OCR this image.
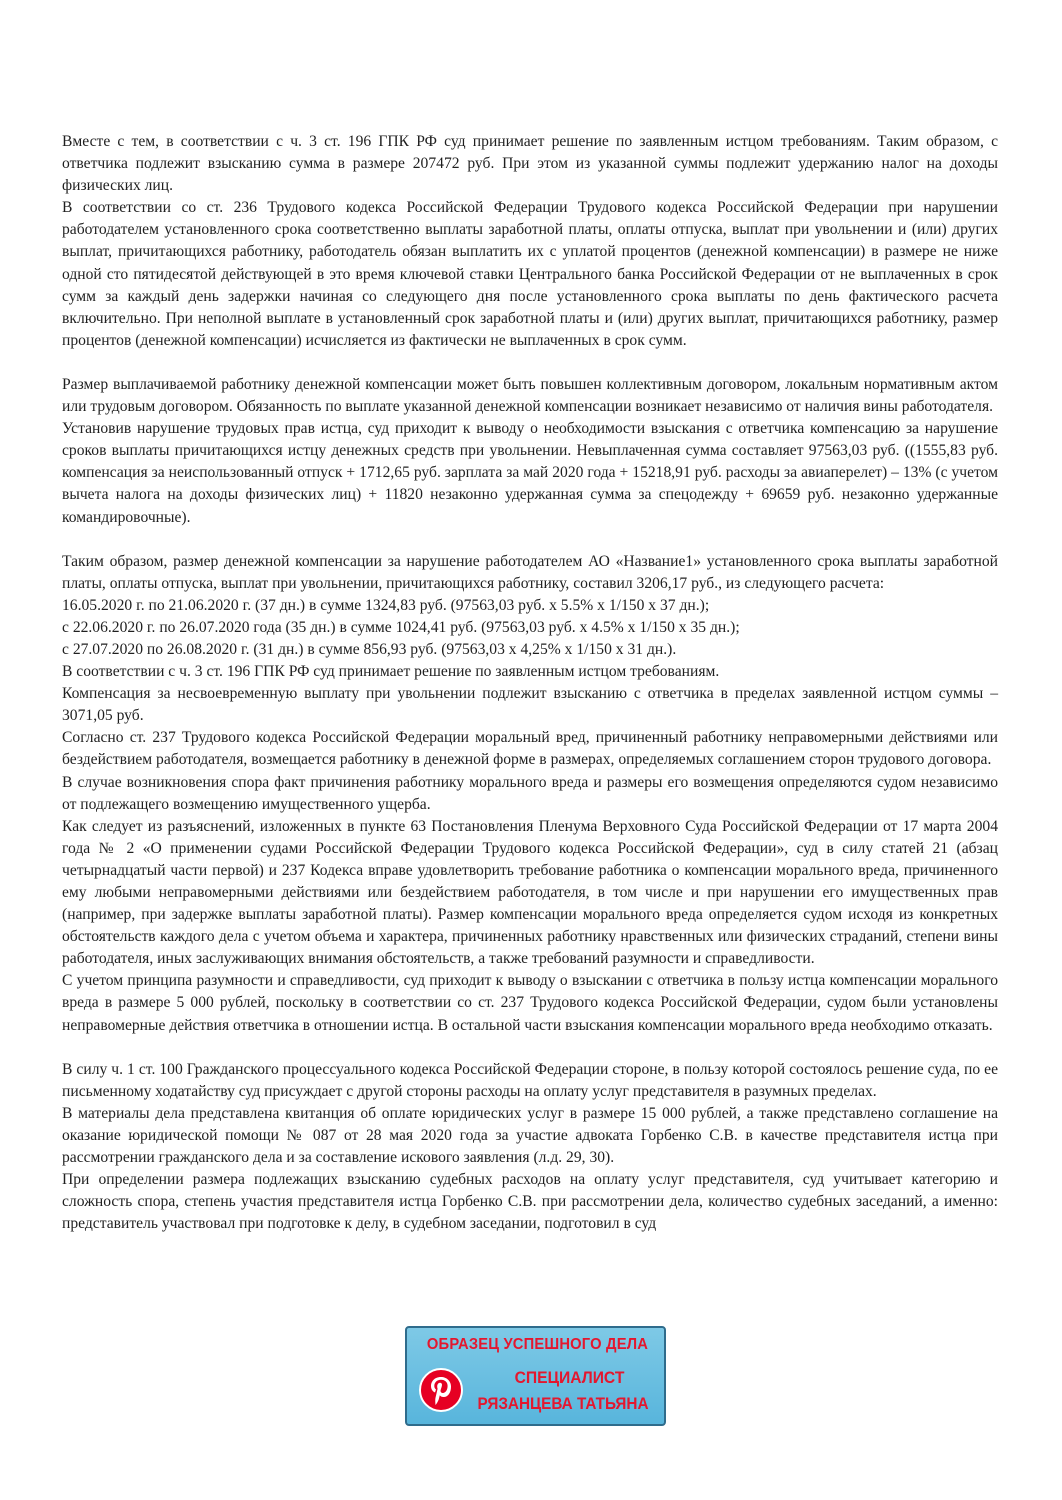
Вместе с тем, в соответствии с ч. 3 ст. 196 ГПК РФ суд принимает решение по заявленным истцом требованиям. Таким образом, с ответчика подлежит взысканию сумма в размере 207472 руб. При этом из указанной суммы подлежит удержанию налог на доходы физических лиц.

В соответствии со ст. 236 Трудового кодекса Российской Федерации Трудового кодекса Российской Федерации при нарушении работодателем установленного срока соответственно выплаты заработной платы, оплаты отпуска, выплат при увольнении и (или) других выплат, причитающихся работнику, работодатель обязан выплатить их с уплатой процентов (денежной компенсации) в размере не ниже одной сто пятидесятой действующей в это время ключевой ставки Центрального банка Российской Федерации от не выплаченных в срок сумм за каждый день задержки начиная со следующего дня после установленного срока выплаты по день фактического расчета включительно. При неполной выплате в установленный срок заработной платы и (или) других выплат, причитающихся работнику, размер процентов (денежной компенсации) исчисляется из фактически не выплаченных в срок сумм.

Размер выплачиваемой работнику денежной компенсации может быть повышен коллективным договором, локальным нормативным актом или трудовым договором. Обязанность по выплате указанной денежной компенсации возникает независимо от наличия вины работодателя.

Установив нарушение трудовых прав истца, суд приходит к выводу о необходимости взыскания с ответчика компенсацию за нарушение сроков выплаты причитающихся истцу денежных средств при увольнении. Невыплаченная сумма составляет 97563,03 руб. ((1555,83 руб. компенсация за неиспользованный отпуск + 1712,65 руб. зарплата за май 2020 года + 15218,91 руб. расходы за авиаперелет) – 13% (с учетом вычета налога на доходы физических лиц) + 11820 незаконно удержанная сумма за спецодежду + 69659 руб. незаконно удержанные командировочные).

Таким образом, размер денежной компенсации за нарушение работодателем АО «Название1» установленного срока выплаты заработной платы, оплаты отпуска, выплат при увольнении, причитающихся работнику, составил 3206,17 руб., из следующего расчета:

16.05.2020 г. по 21.06.2020 г. (37 дн.) в сумме 1324,83 руб. (97563,03 руб. x 5.5% x 1/150 x 37 дн.);

с 22.06.2020 г. по 26.07.2020 года (35 дн.) в сумме 1024,41 руб. (97563,03 руб. x 4.5% x 1/150 x 35 дн.);

с 27.07.2020 по 26.08.2020 г. (31 дн.) в сумме 856,93 руб. (97563,03 x 4,25% x 1/150 x 31 дн.).

В соответствии с ч. 3 ст. 196 ГПК РФ суд принимает решение по заявленным истцом требованиям.

Компенсация за несвоевременную выплату при увольнении подлежит взысканию с ответчика в пределах заявленной истцом суммы – 3071,05 руб.

Согласно ст. 237 Трудового кодекса Российской Федерации моральный вред, причиненный работнику неправомерными действиями или бездействием работодателя, возмещается работнику в денежной форме в размерах, определяемых соглашением сторон трудового договора.

В случае возникновения спора факт причинения работнику морального вреда и размеры его возмещения определяются судом независимо от подлежащего возмещению имущественного ущерба.

Как следует из разъяснений, изложенных в пункте 63 Постановления Пленума Верховного Суда Российской Федерации от 17 марта 2004 года № 2 «О применении судами Российской Федерации Трудового кодекса Российской Федерации», суд в силу статей 21 (абзац четырнадцатый части первой) и 237 Кодекса вправе удовлетворить требование работника о компенсации морального вреда, причиненного ему любыми неправомерными действиями или бездействием работодателя, в том числе и при нарушении его имущественных прав (например, при задержке выплаты заработной платы). Размер компенсации морального вреда определяется судом исходя из конкретных обстоятельств каждого дела с учетом объема и характера, причиненных работнику нравственных или физических страданий, степени вины работодателя, иных заслуживающих внимания обстоятельств, а также требований разумности и справедливости.

С учетом принципа разумности и справедливости, суд приходит к выводу о взыскании с ответчика в пользу истца компенсации морального вреда в размере 5 000 рублей, поскольку в соответствии со ст. 237 Трудового кодекса Российской Федерации, судом были установлены неправомерные действия ответчика в отношении истца. В остальной части взыскания компенсации морального вреда необходимо отказать.

В силу ч. 1 ст. 100 Гражданского процессуального кодекса Российской Федерации стороне, в пользу которой состоялось решение суда, по ее письменному ходатайству суд присуждает с другой стороны расходы на оплату услуг представителя в разумных пределах.

В материалы дела представлена квитанция об оплате юридических услуг в размере 15 000 рублей, а также представлено соглашение на оказание юридической помощи № 087 от 28 мая 2020 года за участие адвоката Горбенко С.В. в качестве представителя истца при рассмотрении гражданского дела и за составление искового заявления (л.д. 29, 30).

При определении размера подлежащих взысканию судебных расходов на оплату услуг представителя, суд учитывает категорию и сложность спора, степень участия представителя истца Горбенко С.В. при рассмотрении дела, количество судебных заседаний, а именно: представитель участвовал при подготовке к делу, в судебном заседании, подготовил в суд

ОБРАЗЕЦ УСПЕШНОГО ДЕЛА
СПЕЦИАЛИСТ
РЯЗАНЦЕВА ТАТЬЯНА
